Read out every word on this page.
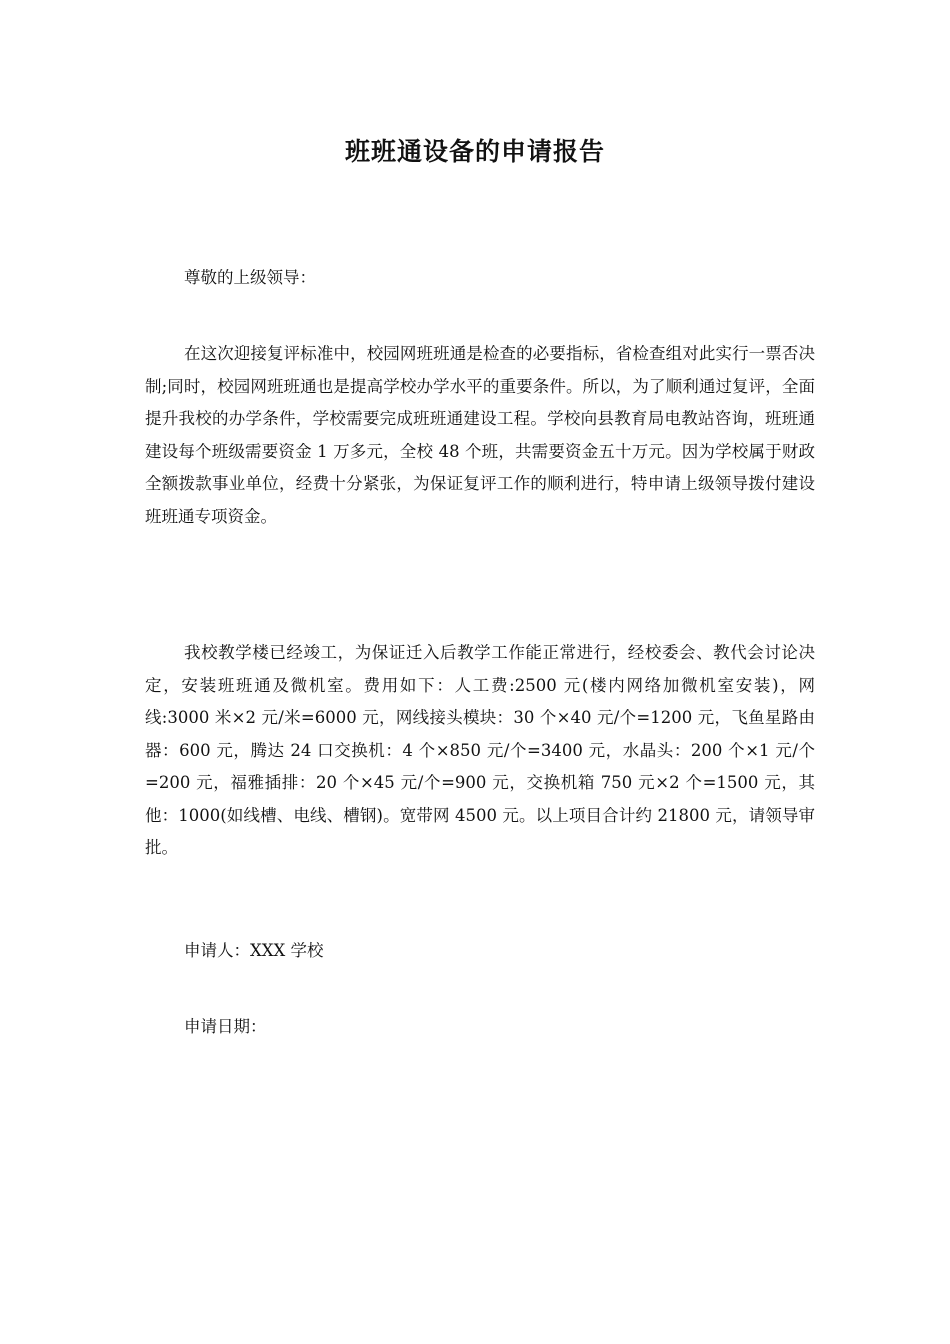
班班通设备的申请报告

尊敬的上级领导：

在这次迎接复评标准中，校园网班班通是检查的必要指标，省检查组对此实行一票否决制;同时，校园网班班通也是提高学校办学水平的重要条件。所以，为了顺利通过复评，全面提升我校的办学条件，学校需要完成班班通建设工程。学校向县教育局电教站咨询，班班通建设每个班级需要资金 1 万多元，全校 48 个班，共需要资金五十万元。因为学校属于财政全额拨款事业单位，经费十分紧张，为保证复评工作的顺利进行，特申请上级领导拨付建设班班通专项资金。

我校教学楼已经竣工，为保证迁入后教学工作能正常进行，经校委会、教代会讨论决定，安装班班通及微机室。费用如下：人工费:2500 元(楼内网络加微机室安装)，网线:3000 米×2 元/米=6000 元，网线接头模块：30 个×40 元/个=1200 元，飞鱼星路由器：600 元，腾达 24 口交换机：4 个×850 元/个=3400 元，水晶头：200 个×1 元/个=200 元，福雅插排：20 个×45 元/个=900 元，交换机箱 750 元×2 个=1500 元，其他：1000(如线槽、电线、槽钢)。宽带网 4500 元。以上项目合计约 21800 元，请领导审批。

申请人：XXX 学校

申请日期：
